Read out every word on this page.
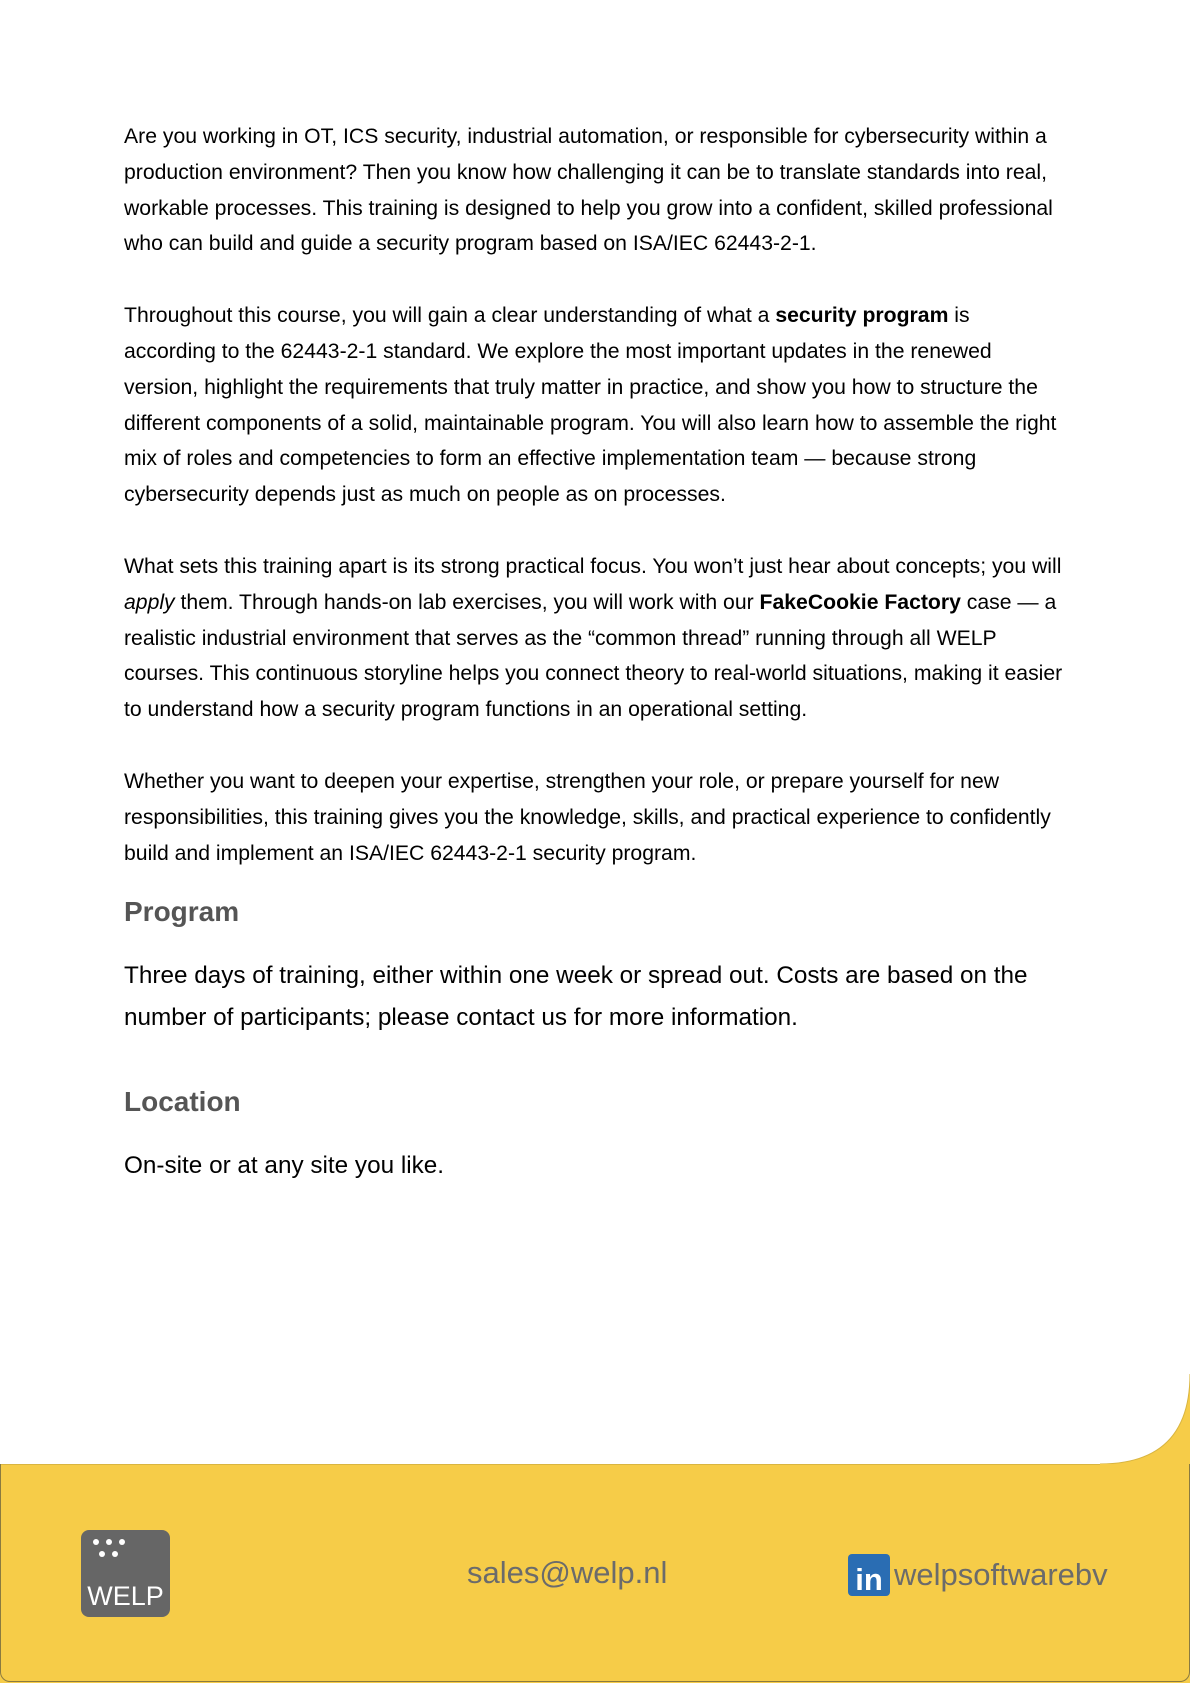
Are you working in OT, ICS security, industrial automation, or responsible for cybersecurity within a production environment? Then you know how challenging it can be to translate standards into real, workable processes. This training is designed to help you grow into a confident, skilled professional who can build and guide a security program based on ISA/IEC 62443-2-1.

Throughout this course, you will gain a clear understanding of what a security program is according to the 62443-2-1 standard. We explore the most important updates in the renewed version, highlight the requirements that truly matter in practice, and show you how to structure the different components of a solid, maintainable program. You will also learn how to assemble the right mix of roles and competencies to form an effective implementation team — because strong cybersecurity depends just as much on people as on processes.

What sets this training apart is its strong practical focus. You won’t just hear about concepts; you will apply them. Through hands-on lab exercises, you will work with our FakeCookie Factory case — a realistic industrial environment that serves as the “common thread” running through all WELP courses. This continuous storyline helps you connect theory to real-world situations, making it easier to understand how a security program functions in an operational setting.

Whether you want to deepen your expertise, strengthen your role, or prepare yourself for new responsibilities, this training gives you the knowledge, skills, and practical experience to confidently build and implement an ISA/IEC 62443-2-1 security program.

Program

Three days of training, either within one week or spread out. Costs are based on the number of participants; please contact us for more information.

Location

On-site or at any site you like.

WELP
sales@welp.nl	in welpsoftwarebv
